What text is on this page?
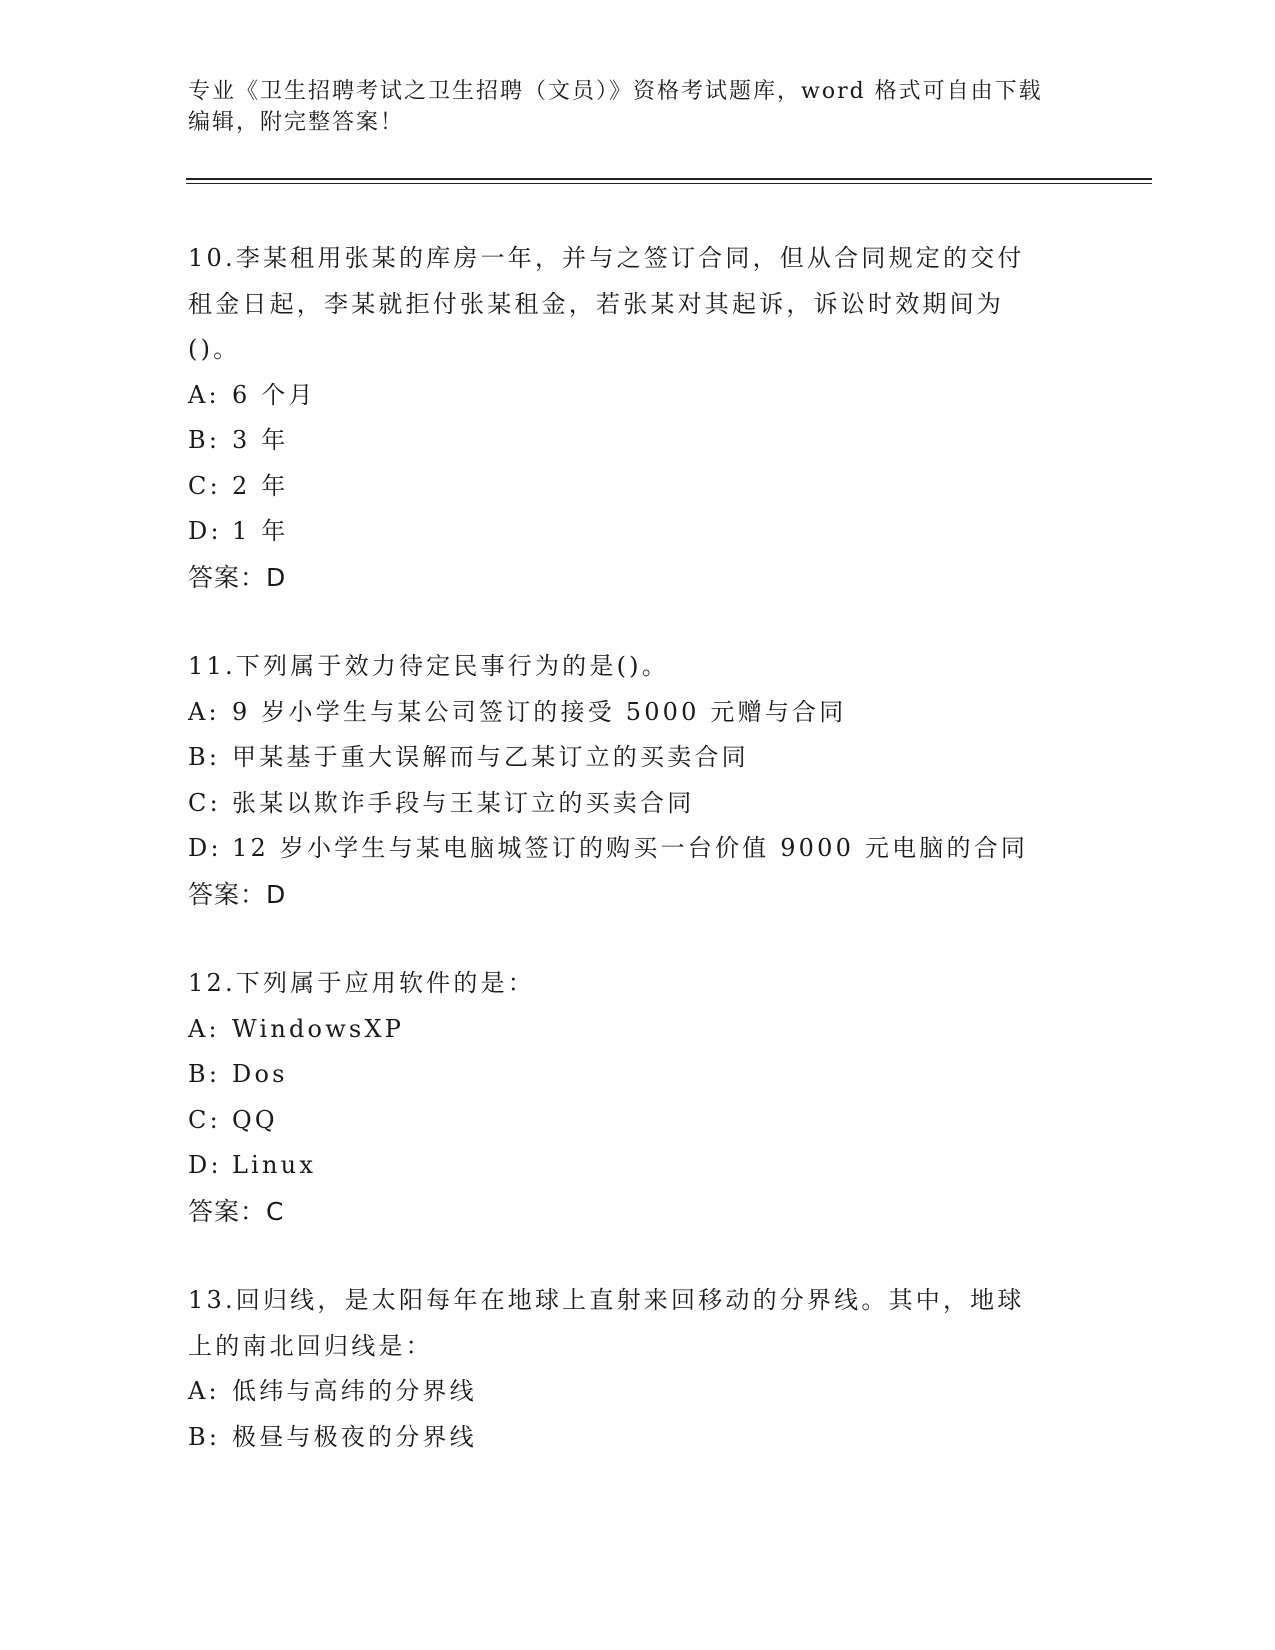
专业《卫生招聘考试之卫生招聘（文员）》资格考试题库，word 格式可自由下载
编辑，附完整答案！
10.李某租用张某的库房一年，并与之签订合同，但从合同规定的交付
租金日起，李某就拒付张某租金，若张某对其起诉，诉讼时效期间为
()。
A: 6 个月
B: 3 年
C: 2 年
D: 1 年
答案：D
11.下列属于效力待定民事行为的是()。
A: 9 岁小学生与某公司签订的接受 5000 元赠与合同
B: 甲某基于重大误解而与乙某订立的买卖合同
C: 张某以欺诈手段与王某订立的买卖合同
D: 12 岁小学生与某电脑城签订的购买一台价值 9000 元电脑的合同
答案：D
12.下列属于应用软件的是：
A: WindowsXP
B: Dos
C: QQ
D: Linux
答案：C
13.回归线，是太阳每年在地球上直射来回移动的分界线。其中，地球
上的南北回归线是：
A: 低纬与高纬的分界线
B: 极昼与极夜的分界线
